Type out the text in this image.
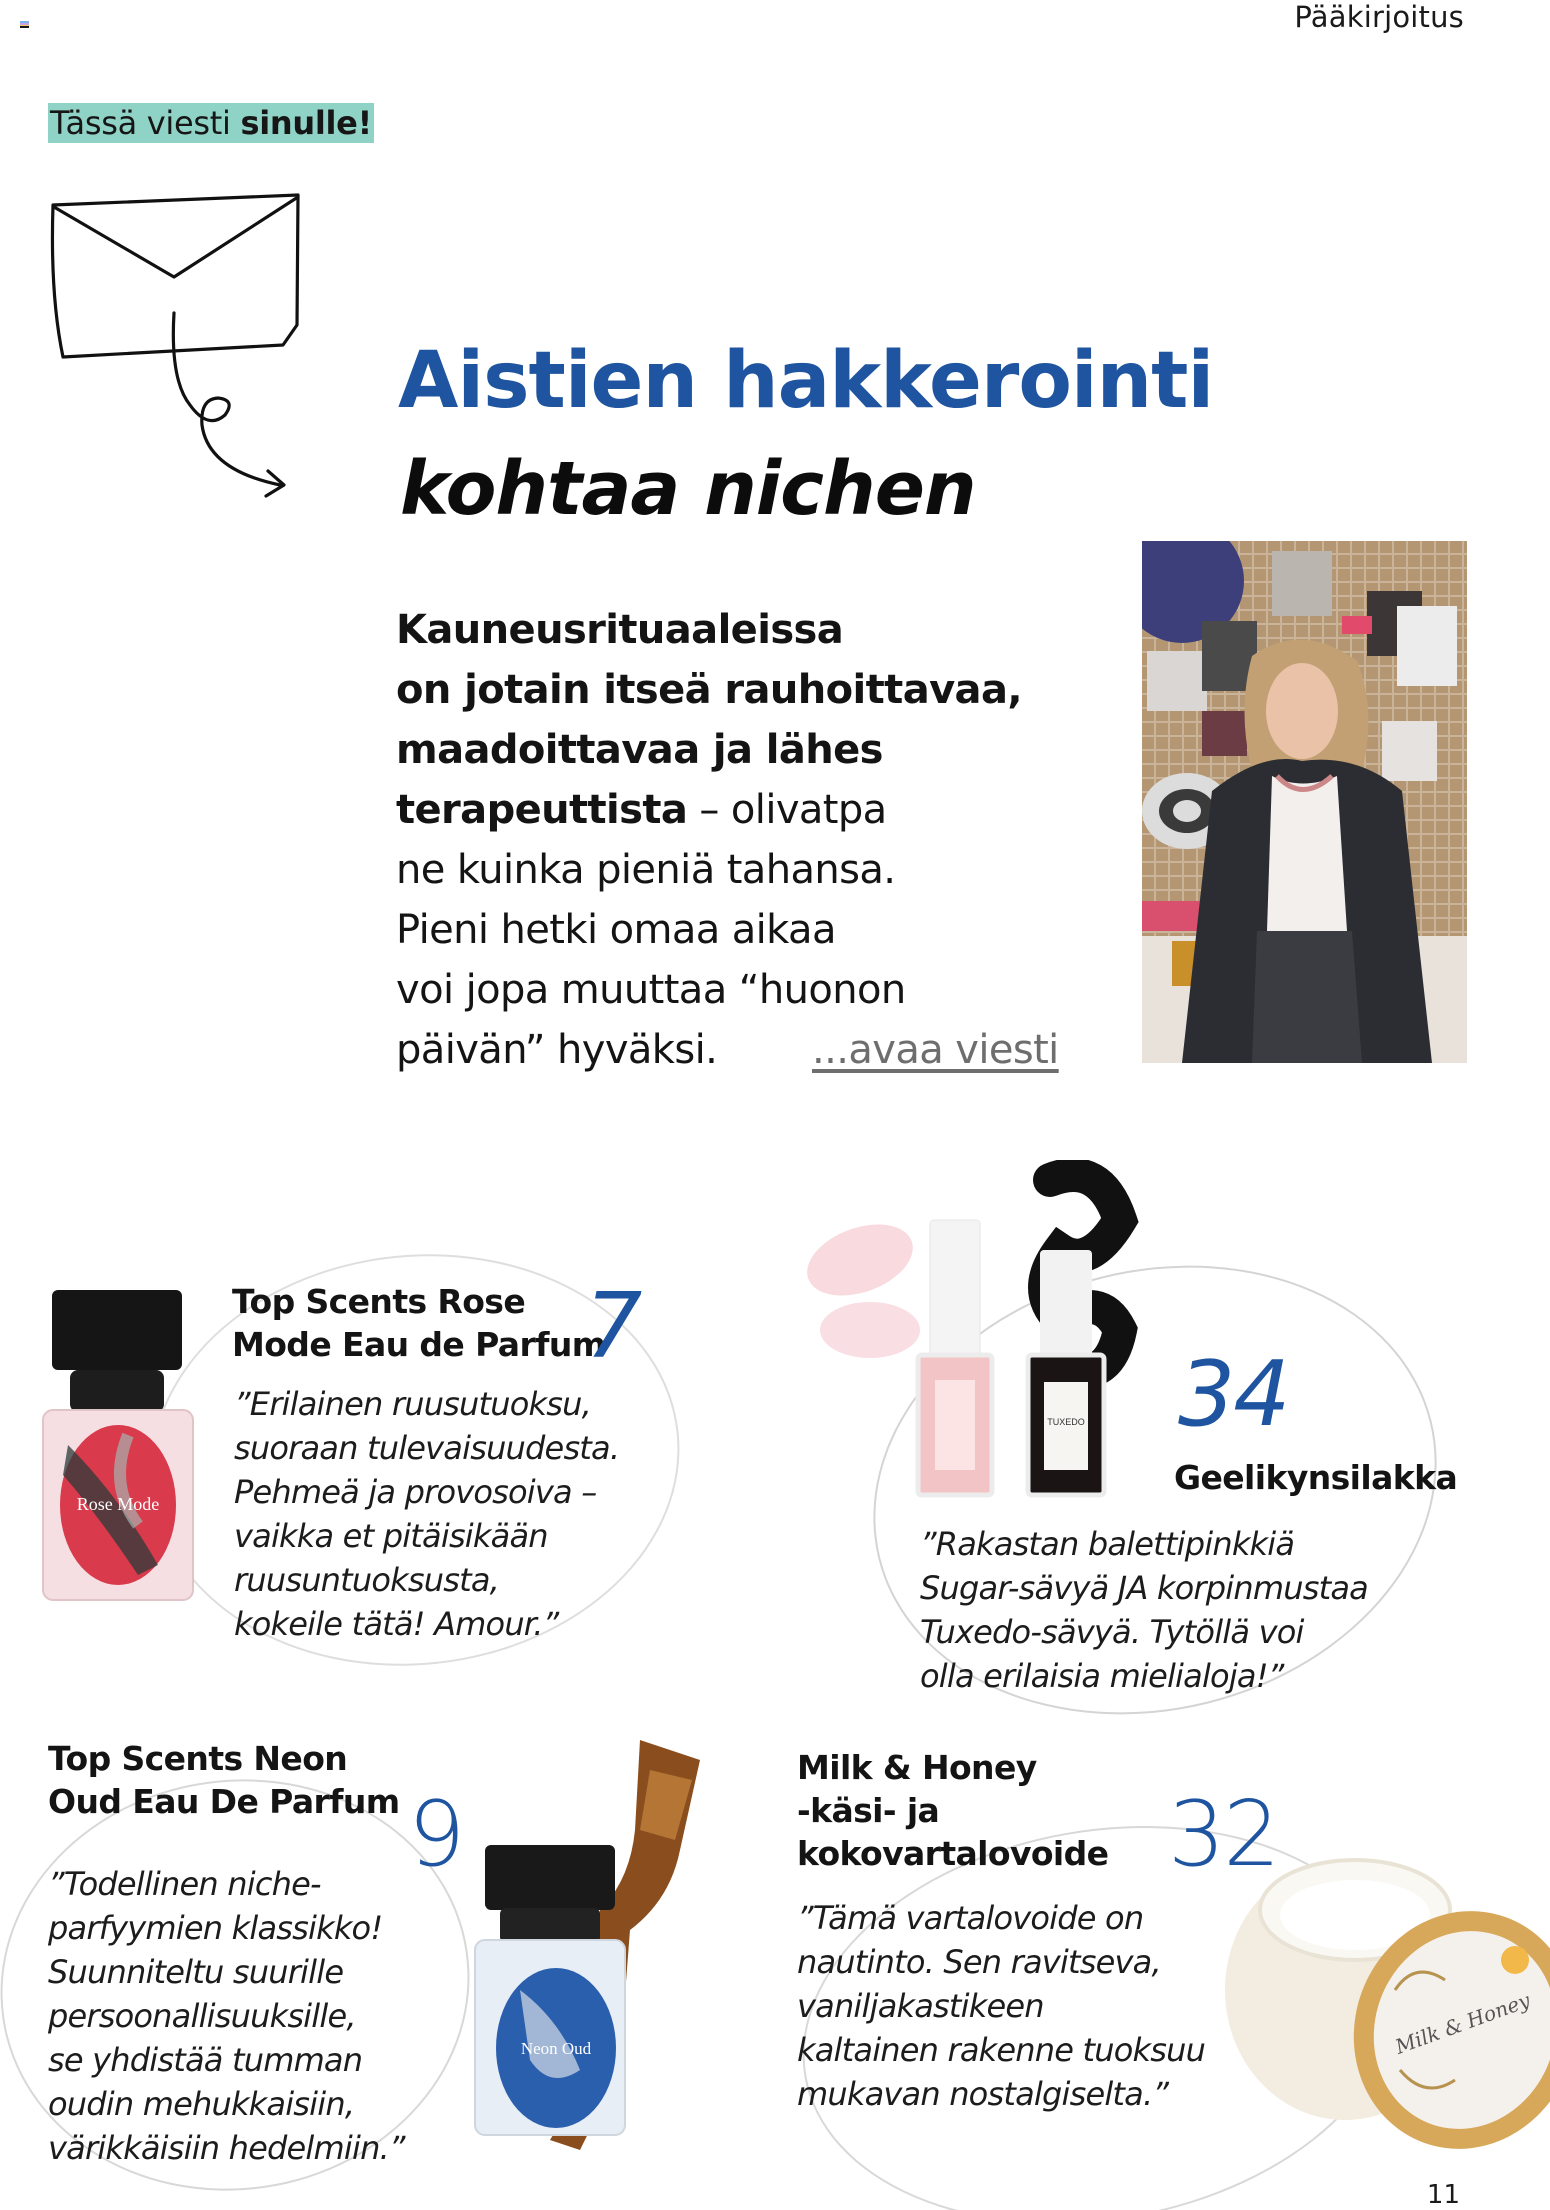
Pääkirjoitus
Tässä viesti sinulle!
Aistien hakkerointi
kohtaa nichen
Kauneusrituaaleissa
on jotain itseä rauhoittavaa,
maadoittavaa ja lähes
terapeuttista – olivatpa
ne kuinka pieniä tahansa.
Pieni hetki omaa aikaa
voi jopa muuttaa “huonon
päivän” hyväksi. ...avaa viesti
Rose Mode
Top Scents Rose
Mode Eau de Parfum
7
”Erilainen ruusutuoksu,
suoraan tulevaisuudesta.
Pehmeä ja provosoiva –
vaikka et pitäisikään
ruusuntuoksusta,
kokeile tätä! Amour.”
TUXEDO 34
Geelikynsilakka
”Rakastan balettipinkkiä
Sugar-sävyä JA korpinmustaa
Tuxedo-sävyä. Tytöllä voi
olla erilaisia mielialoja!”
Top Scents Neon
Oud Eau De Parfum 9
”Todellinen niche-
parfyymien klassikko!
Suunniteltu suurille
persoonallisuuksille,
se yhdistää tumman
oudin mehukkaisiin,
värikkäisiin hedelmiin.”
Neon Oud
Milk & Honey
-käsi- ja
kokovartalovoide 32
”Tämä vartalovoide on
nautinto. Sen ravitseva,
vaniljakastikeen
kaltainen rakenne tuoksuu
mukavan nostalgiselta.”
Milk & Honey
11
